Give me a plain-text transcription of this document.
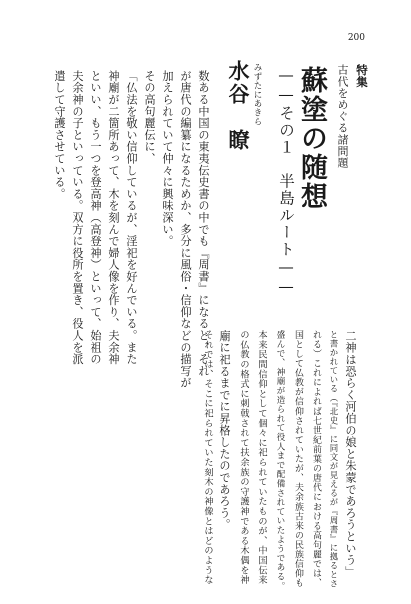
200
特集
古代をめぐる諸問題
蘇塗の随想
——その１　半島ルート——
みずたにあきら
水谷　瞭
数ある中国の東夷伝史書の中でも『周書』になると、それ
が唐代の編纂になるためか、多分に風俗・信仰などの描写が
加えられていて仲々に興味深い。
その高句麗伝に、
「仏法を敬い信仰しているが、淫祀を好んでいる。また
神廟が二箇所あって、木を刻んで婦人像を作り、夫余神
といい、もう一つを登高神（高登神）といって、始祖の
夫余神の子といっている。双方に役所を置き、役人を派
遣して守護させている。
二神は恐らく河伯の娘と朱蒙であろうという」
と書かれている（『北史』に同文が見えるが『周書』に拠るとさ
れる）これによれば七世紀前葉の唐代における高句麗では、
国として仏教が信仰されていたが、夫余族古来の民族信仰も
盛んで、神廟が造られて役人まで配備されていたようである。
本来民間信仰として個々に祀られていたものが、中国伝来
の仏教の格式に刺戟されて扶余族の守護神である木偶を神
廟に祀るまでに昇格したのであろう。
それでは、そこに祀られていた刻木の神像とはどのような
